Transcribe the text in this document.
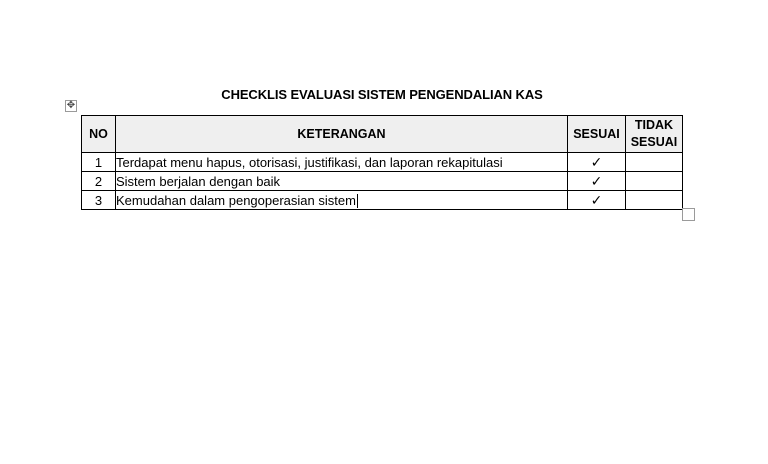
CHECKLIS EVALUASI SISTEM PENGENDALIAN KAS
✥
NO	KETERANGAN	SESUAI	TIDAK
SESUAI
1	Terdapat menu hapus, otorisasi, justifikasi, dan laporan rekapitulasi	✓	
2	Sistem berjalan dengan baik	✓	
3	Kemudahan dalam pengoperasian sistem	✓	
